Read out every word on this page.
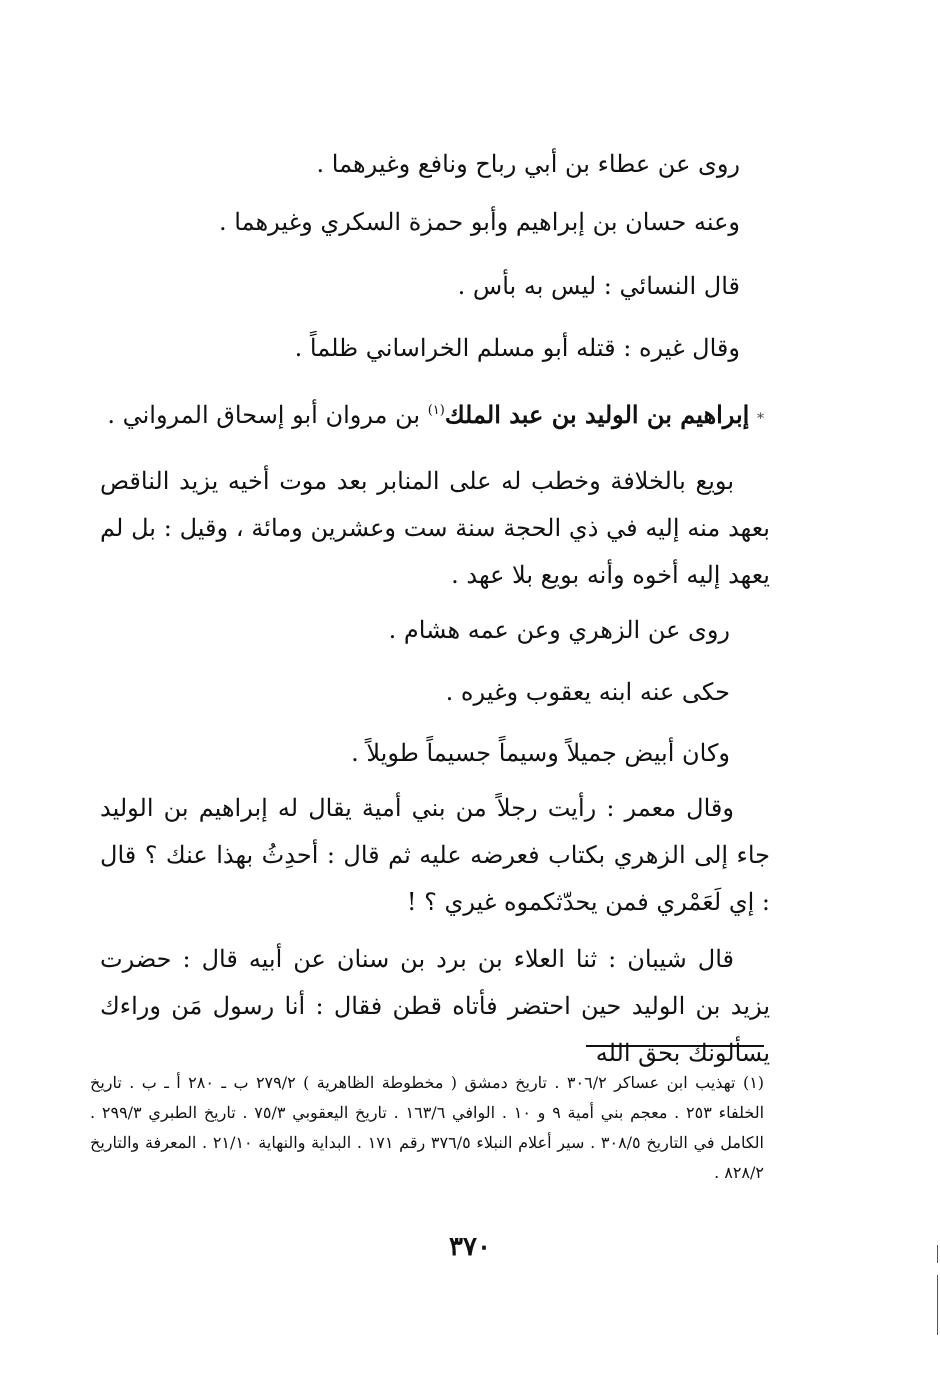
روى عن عطاء بن أبي رباح ونافع وغيرهما .
وعنه حسان بن إبراهيم وأبو حمزة السكري وغيرهما .
قال النسائي : ليس به بأس .
وقال غيره : قتله أبو مسلم الخراساني ظلماً .
* إبراهيم بن الوليد بن عبد الملك$^{(١)}$ بن مروان أبو إسحاق المرواني .
بويع بالخلافة وخطب له على المنابر بعد موت أخيه يزيد الناقص بعهد منه إليه في ذي الحجة سنة ست وعشرين ومائة ، وقيل : بل لم يعهد إليه أخوه وأنه بويع بلا عهد .
روى عن الزهري وعن عمه هشام .
حكى عنه ابنه يعقوب وغيره .
وكان أبيض جميلاً وسيماً جسيماً طويلاً .
وقال معمر : رأيت رجلاً من بني أمية يقال له إبراهيم بن الوليد جاء إلى الزهري بكتاب فعرضه عليه ثم قال : أحدِثُ بهذا عنك ؟ قال : إي لَعَمْري فمن يحدّثكموه غيري ؟ !
قال شيبان : ثنا العلاء بن برد بن سنان عن أبيه قال : حضرت يزيد بن الوليد حين احتضر فأتاه قطن فقال : أنا رسول مَن وراءك يسألونك بحق الله
(١) تهذيب ابن عساكر ٣٠٦/٢ . تاريخ دمشق ( مخطوطة الظاهرية ) ٢٧٩/٢ ب ـ ٢٨٠ أ ـ ب . تاريخ الخلفاء ٢٥٣ . معجم بني أمية ٩ و ١٠ . الوافي ١٦٣/٦ . تاريخ اليعقوبي ٧٥/٣ . تاريخ الطبري ٢٩٩/٣ . الكامل في التاريخ ٣٠٨/٥ . سير أعلام النبلاء ٣٧٦/٥ رقم ١٧١ . البداية والنهاية ٢١/١٠ . المعرفة والتاريخ ٨٢٨/٢ .
٣٧٠
